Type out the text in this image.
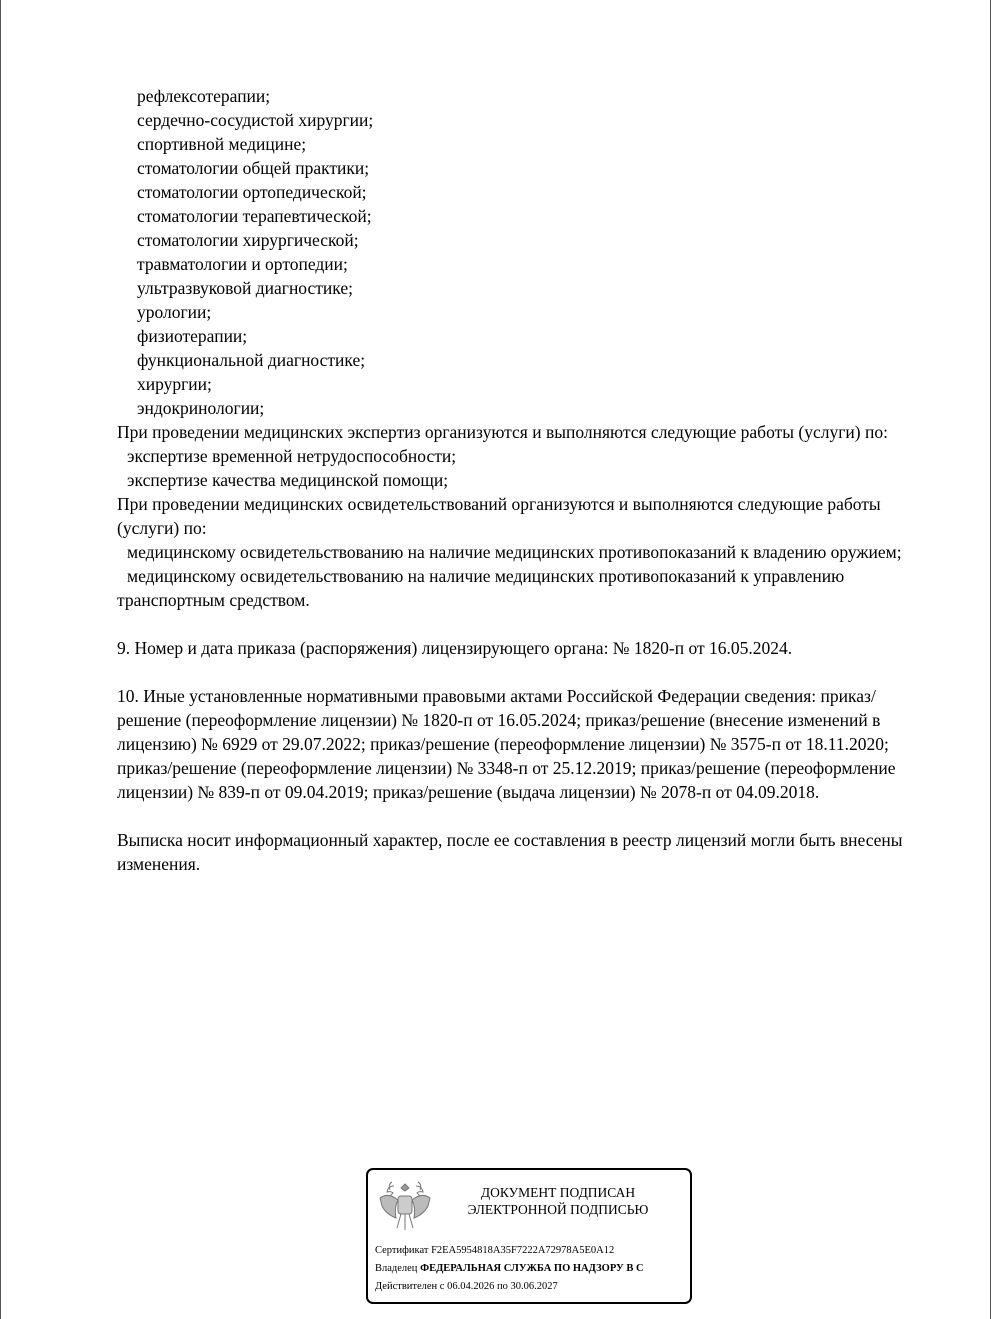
рефлексотерапии;
сердечно-сосудистой хирургии;
спортивной медицине;
стоматологии общей практики;
стоматологии ортопедической;
стоматологии терапевтической;
стоматологии хирургической;
травматологии и ортопедии;
ультразвуковой диагностике;
урологии;
физиотерапии;
функциональной диагностике;
хирургии;
эндокринологии;
При проведении медицинских экспертиз организуются и выполняются следующие работы (услуги) по:
экспертизе временной нетрудоспособности;
экспертизе качества медицинской помощи;
При проведении медицинских освидетельствований организуются и выполняются следующие работы (услуги) по:
медицинскому освидетельствованию на наличие медицинских противопоказаний к владению оружием;
медицинскому освидетельствованию на наличие медицинских противопоказаний к управлению транспортным средством.
9. Номер и дата приказа (распоряжения) лицензирующего органа: № 1820-п от 16.05.2024.
10. Иные установленные нормативными правовыми актами Российской Федерации сведения: приказ/решение (переоформление лицензии) № 1820-п от 16.05.2024; приказ/решение (внесение изменений в лицензию) № 6929 от 29.07.2022; приказ/решение (переоформление лицензии) № 3575-п от 18.11.2020; приказ/решение (переоформление лицензии) № 3348-п от 25.12.2019; приказ/решение (переоформление лицензии) № 839-п от 09.04.2019; приказ/решение (выдача лицензии) № 2078-п от 04.09.2018.
Выписка носит информационный характер, после ее составления в реестр лицензий могли быть внесены изменения.
ДОКУМЕНТ ПОДПИСАН
ЭЛЕКТРОННОЙ ПОДПИСЬЮ
Сертификат F2EA5954818A35F7222A72978A5E0A12
Владелец ФЕДЕРАЛЬНАЯ СЛУЖБА ПО НАДЗОРУ В С
Действителен с 06.04.2026 по 30.06.2027
